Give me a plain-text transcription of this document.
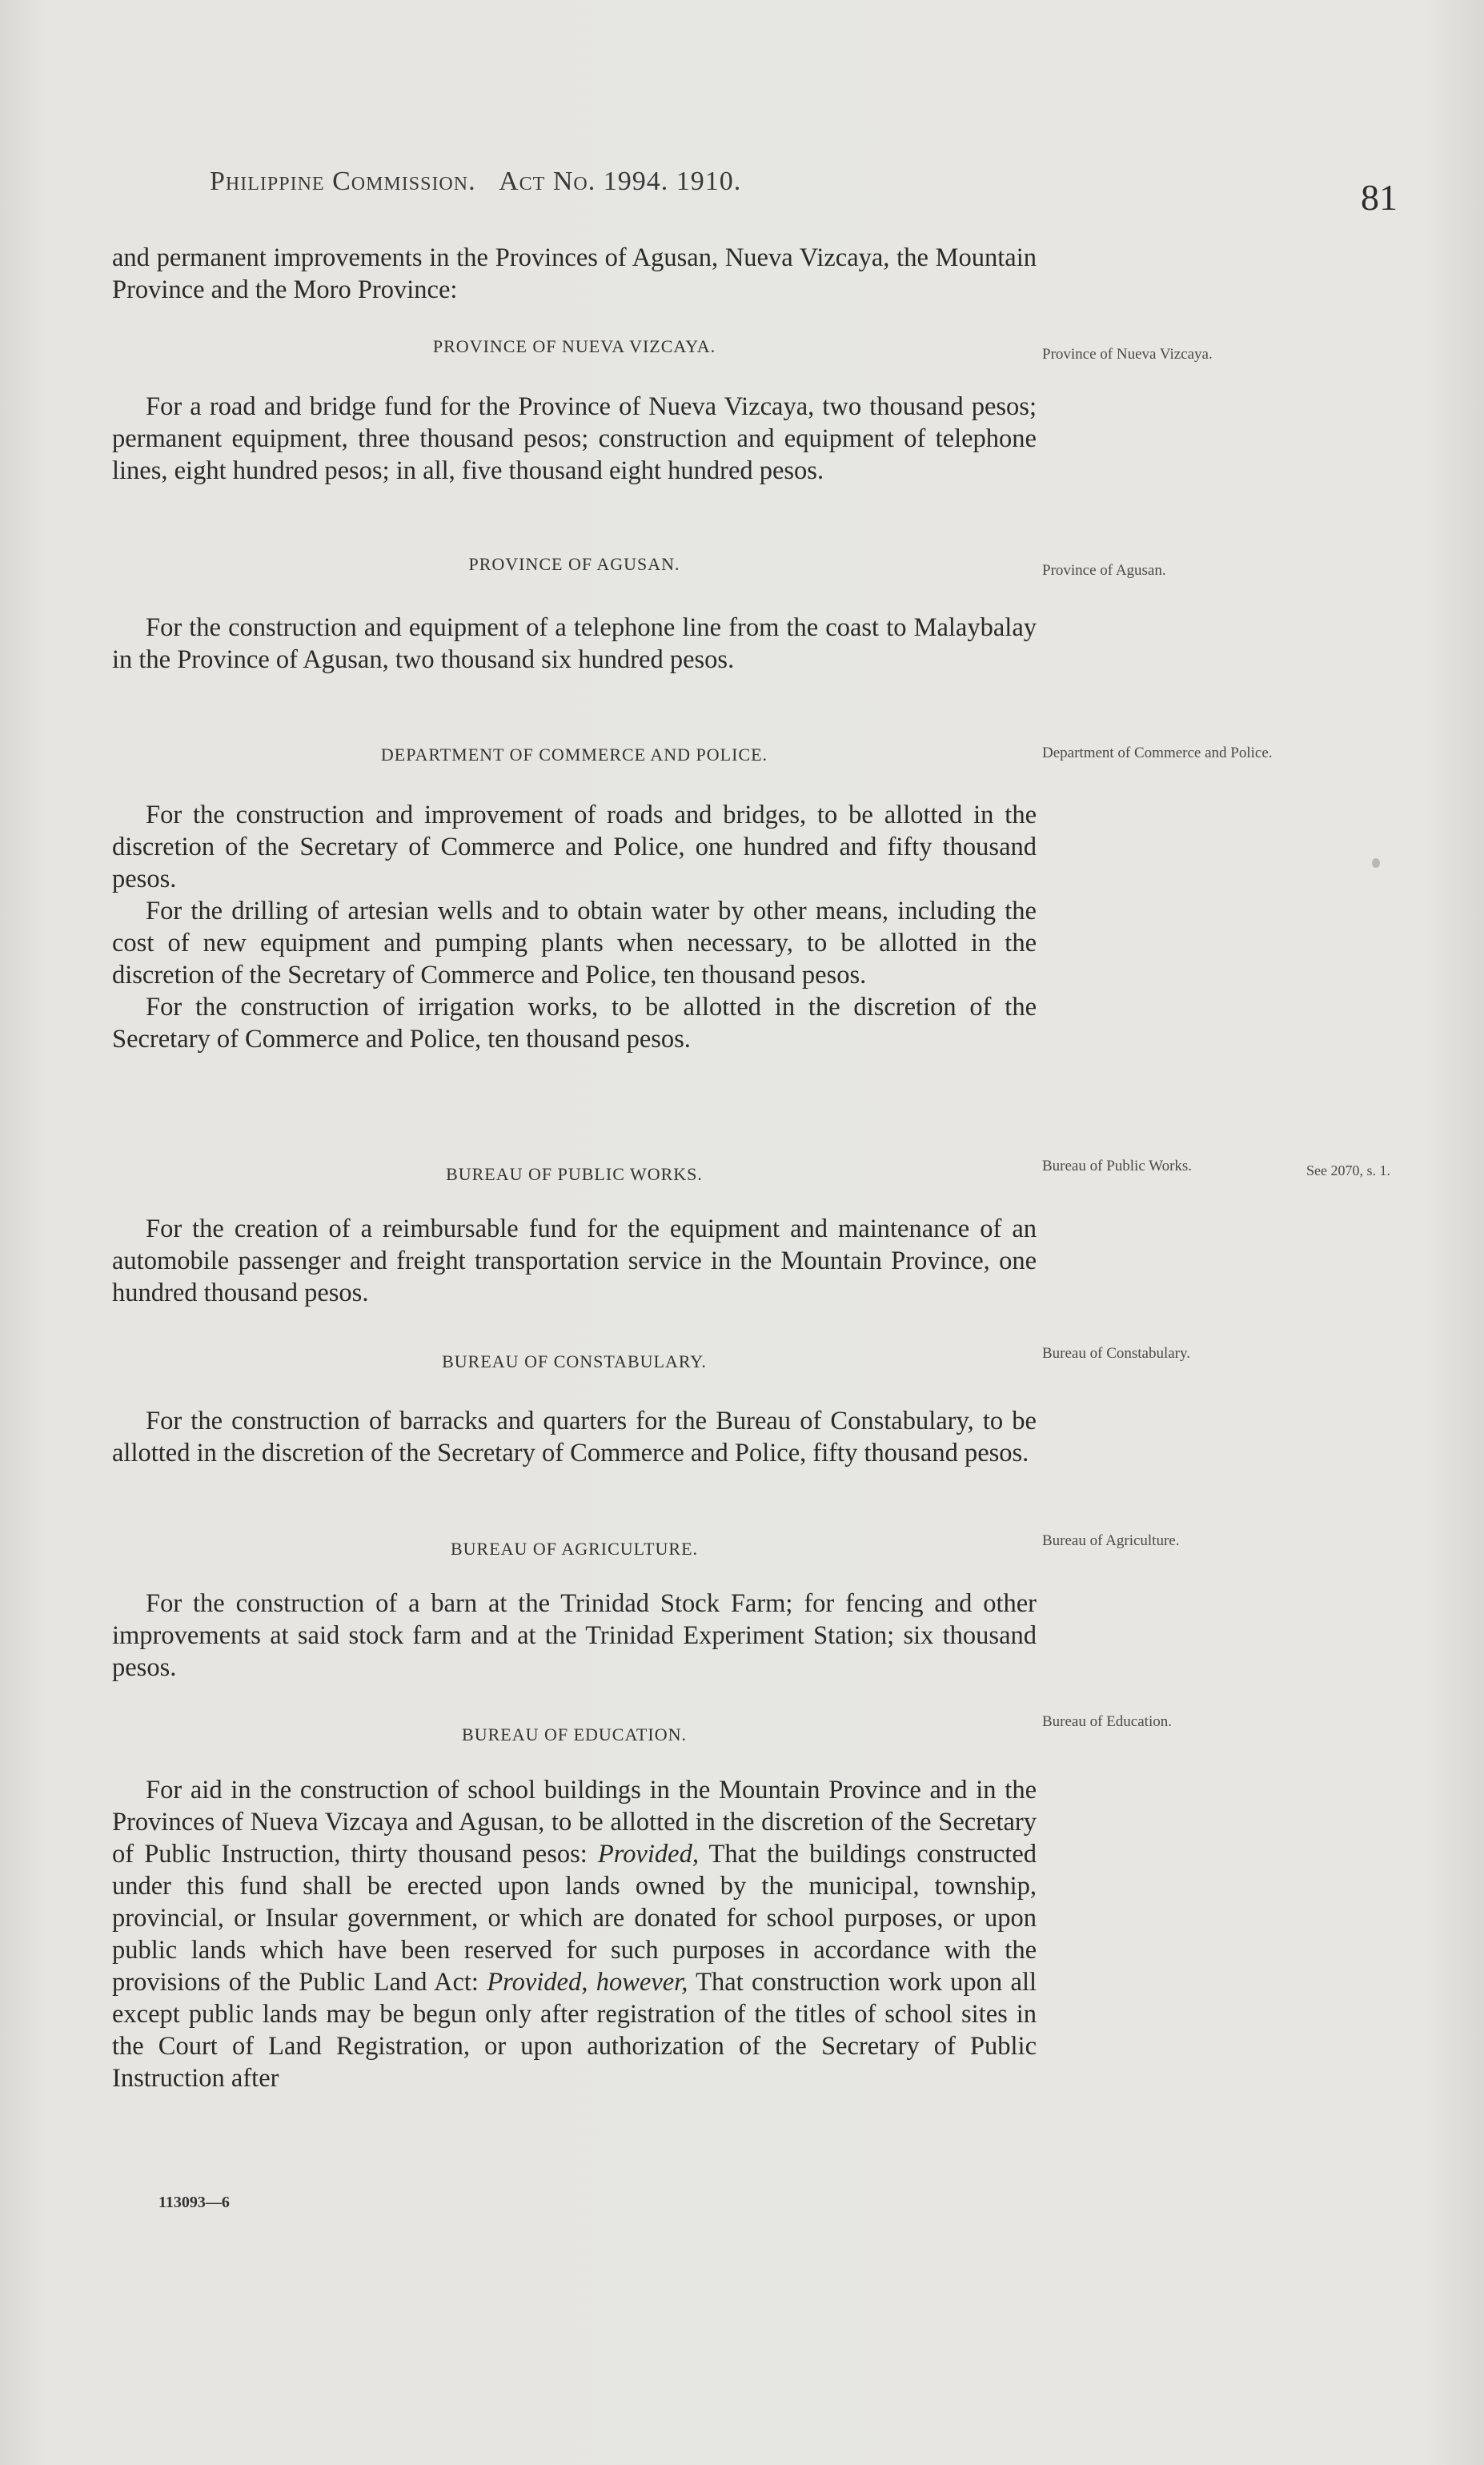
Philippine Commission. Act No. 1994. 1910.	81

and permanent improvements in the Provinces of Agusan, Nueva Vizcaya, the Mountain Province and the Moro Province:

PROVINCE OF NUEVA VIZCAYA.	Province of Nueva Vizcaya.

For a road and bridge fund for the Province of Nueva Vizcaya, two thousand pesos; permanent equipment, three thousand pesos; construction and equipment of telephone lines, eight hundred pesos; in all, five thousand eight hundred pesos.

PROVINCE OF AGUSAN.	Province of Agusan.

For the construction and equipment of a telephone line from the coast to Malaybalay in the Province of Agusan, two thousand six hundred pesos.

DEPARTMENT OF COMMERCE AND POLICE.	Department of Commerce and Police.

For the construction and improvement of roads and bridges, to be allotted in the discretion of the Secretary of Commerce and Police, one hundred and fifty thousand pesos.

For the drilling of artesian wells and to obtain water by other means, including the cost of new equipment and pumping plants when necessary, to be allotted in the discretion of the Secretary of Commerce and Police, ten thousand pesos.

For the construction of irrigation works, to be allotted in the discretion of the Secretary of Commerce and Police, ten thousand pesos.

BUREAU OF PUBLIC WORKS.	Bureau of Public Works.	See 2070, s. 1.

For the creation of a reimbursable fund for the equipment and maintenance of an automobile passenger and freight transportation service in the Mountain Province, one hundred thousand pesos.

BUREAU OF CONSTABULARY.	Bureau of Constabulary.

For the construction of barracks and quarters for the Bureau of Constabulary, to be allotted in the discretion of the Secretary of Commerce and Police, fifty thousand pesos.

BUREAU OF AGRICULTURE.	Bureau of Agriculture.

For the construction of a barn at the Trinidad Stock Farm; for fencing and other improvements at said stock farm and at the Trinidad Experiment Station; six thousand pesos.

BUREAU OF EDUCATION.
Bureau of Education.

For aid in the construction of school buildings in the Mountain Province and in the Provinces of Nueva Vizcaya and Agusan, to be allotted in the discretion of the Secretary of Public Instruction, thirty thousand pesos: Provided, That the buildings constructed under this fund shall be erected upon lands owned by the municipal, township, provincial, or Insular government, or which are donated for school purposes, or upon public lands which have been reserved for such purposes in accordance with the provisions of the Public Land Act: Provided, however, That construction work upon all except public lands may be begun only after registration of the titles of school sites in the Court of Land Registration, or upon authorization of the Secretary of Public Instruction after

113093—6
